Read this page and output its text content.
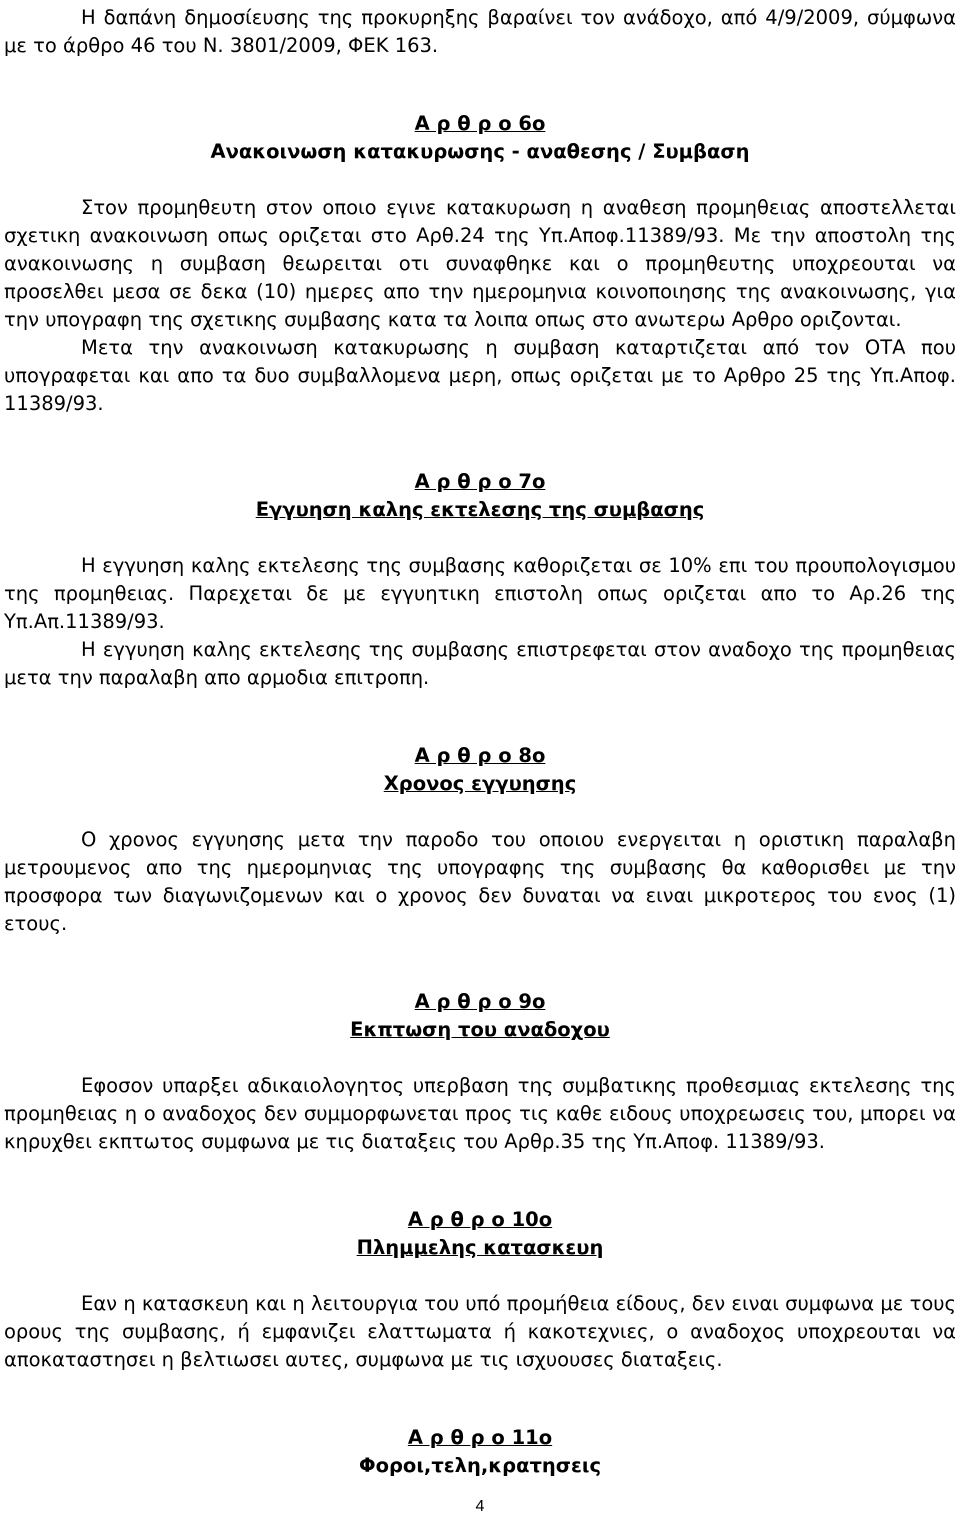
Η δαπάνη δημοσίευσης της προκυρηξης βαραίνει τον ανάδοχο, από 4/9/2009, σύμφωνα με το άρθρο 46 του Ν. 3801/2009, ΦΕΚ 163.

Α ρ θ ρ ο 6ο

Ανακοινωση κατακυρωσης - αναθεσης / Συμβαση

Στον προμηθευτη στον οποιο εγινε κατακυρωση η αναθεση προμηθειας αποστελλεται σχετικη ανακοινωση οπως οριζεται στο Αρθ.24 της Υπ.Αποφ.11389/93. Με την αποστολη της ανακοινωσης η συμβαση θεωρειται οτι συναφθηκε και ο προμηθευτης υποχρεουται να προσελθει μεσα σε δεκα (10) ημερες απο την ημερομηνια κοινοποιησης της ανακοινωσης, για την υπογραφη της σχετικης συμβασης κατα τα λοιπα οπως στο ανωτερω Αρθρο οριζονται.

Μετα την ανακοινωση κατακυρωσης η συμβαση καταρτιζεται από τον ΟΤΑ που υπογραφεται και απο τα δυο συμβαλλομενα μερη, οπως οριζεται με το Αρθρο 25 της Υπ.Αποφ. 11389/93.

Α ρ θ ρ ο 7ο

Εγγυηση καλης εκτελεσης της συμβασης

Η εγγυηση καλης εκτελεσης της συμβασης καθοριζεται σε 10% επι του προυπολογισμου της προμηθειας. Παρεχεται δε με εγγυητικη επιστολη οπως οριζεται απο το Αρ.26 της Υπ.Απ.11389/93.

Η εγγυηση καλης εκτελεσης της συμβασης επιστρεφεται στον αναδοχο της προμηθειας μετα την παραλαβη απο αρμοδια επιτροπη.

Α ρ θ ρ ο 8ο

Χρονος εγγυησης

Ο χρονος εγγυησης μετα την παροδο του οποιου ενεργειται η οριστικη παραλαβη μετρουμενος απο της ημερομηνιας της υπογραφης της συμβασης θα καθορισθει με την προσφορα των διαγωνιζομενων και ο χρονος δεν δυναται να ειναι μικροτερος του ενος (1) ετους.

Α ρ θ ρ ο 9ο

Εκπτωση του αναδοχου

Εφοσον υπαρξει αδικαιολογητος υπερβαση της συμβατικης προθεσμιας εκτελεσης της προμηθειας η ο αναδοχος δεν συμμορφωνεται προς τις καθε ειδους υποχρεωσεις του, μπορει να κηρυχθει εκπτωτος συμφωνα με τις διαταξεις του Αρθρ.35 της Υπ.Αποφ. 11389/93.

Α ρ θ ρ ο 10ο

Πλημμελης κατασκευη

Εαν η κατασκευη και η λειτουργια του υπό προμήθεια είδους, δεν ειναι συμφωνα με τους ορους της συμβασης, ή εμφανιζει ελαττωματα ή κακοτεχνιες, ο αναδοχος υποχρεουται να αποκαταστησει η βελτιωσει αυτες, συμφωνα με τις ισχυουσες διαταξεις.

Α ρ θ ρ ο 11ο

Φοροι,τελη,κρατησεις

4
